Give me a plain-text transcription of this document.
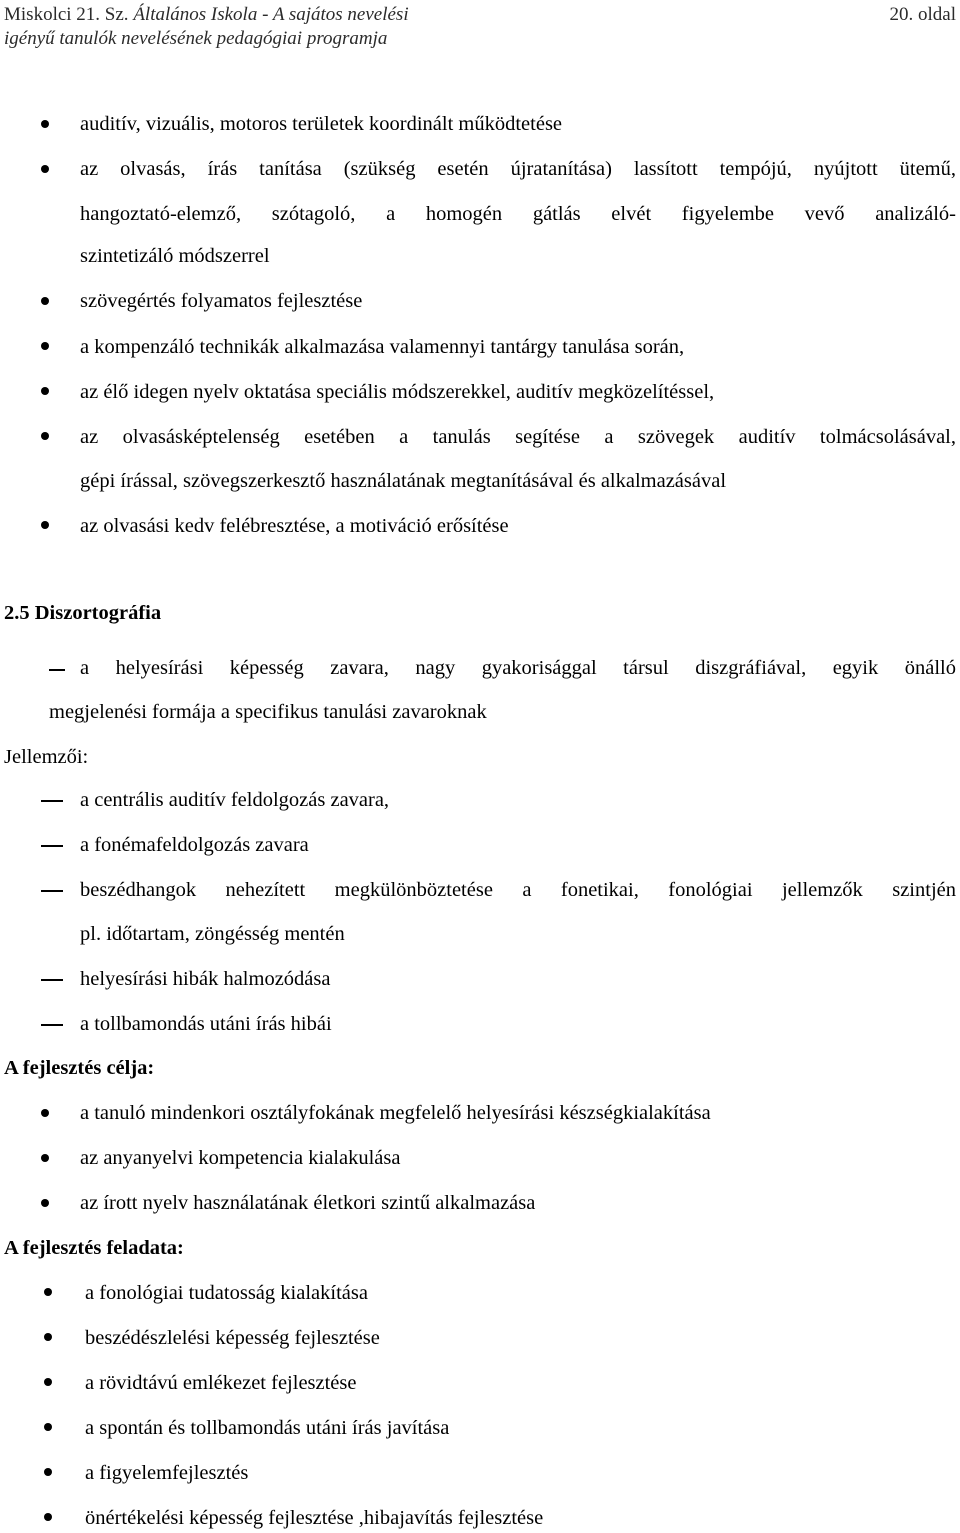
Miskolci 21. Sz. Általános Iskola - A sajátos nevelési
igényű tanulók nevelésének pedagógiai programja
20. oldal
auditív, vizuális, motoros területek koordinált működtetése
az olvasás, írás tanítása (szükség esetén újratanítása) lassított tempójú, nyújtott ütemű,
hangoztató-elemző, szótagoló, a homogén gátlás elvét figyelembe vevő analizáló-
szintetizáló módszerrel
szövegértés folyamatos fejlesztése
a kompenzáló technikák alkalmazása valamennyi tantárgy tanulása során,
az élő idegen nyelv oktatása speciális módszerekkel, auditív megközelítéssel,
az olvasásképtelenség esetében a tanulás segítése a szövegek auditív tolmácsolásával,
gépi írással, szövegszerkesztő használatának megtanításával és alkalmazásával
az olvasási kedv felébresztése, a motiváció erősítése
2.5 Diszortográfia
a helyesírási képesség zavara, nagy gyakorisággal társul diszgráfiával, egyik önálló
megjelenési formája a specifikus tanulási zavaroknak
Jellemzői:
a centrális auditív feldolgozás zavara,
a fonémafeldolgozás zavara
beszédhangok nehezített megkülönböztetése a fonetikai, fonológiai jellemzők szintjén
pl. időtartam, zöngésség mentén
helyesírási hibák halmozódása
a tollbamondás utáni írás hibái
A fejlesztés célja:
a tanuló mindenkori osztályfokának megfelelő helyesírási készségkialakítása
az anyanyelvi kompetencia kialakulása
az írott nyelv használatának életkori szintű alkalmazása
A fejlesztés feladata:
a fonológiai tudatosság kialakítása
beszédészlelési képesség fejlesztése
a rövidtávú emlékezet fejlesztése
a spontán és tollbamondás utáni írás javítása
a figyelemfejlesztés
önértékelési képesség fejlesztése ,hibajavítás fejlesztése
